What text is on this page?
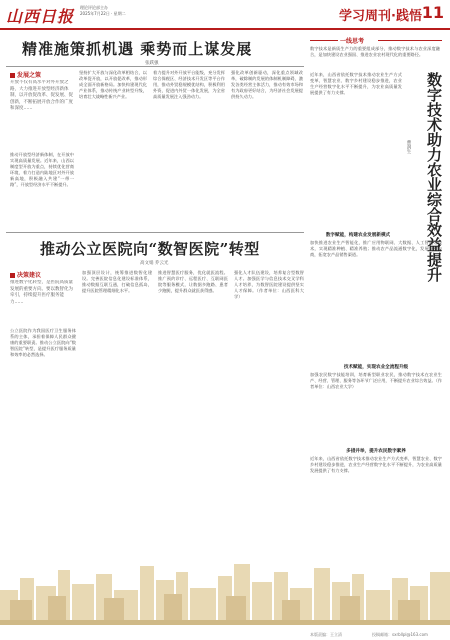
山西日报 理论评论部主办
2025年7月22日 · 星期二	学习周刊·践悟 11
精准施策抓机遇 乘势而上谋发展
张跃强
发展之策
开放不仅有高水平对外开放之路，大力推进开放型经济新体制，以开放促改革、促发展、促创新，不断拓展开放合作的广度和深度……
推动开放型经济新体制，在开放中实现高质量发展。近年来，山西以制度型开放为重点，持续优化营商环境，着力打造内陆地区对外开放新高地，积极融入共建“一带一路”，开放型经济水平不断提升。
坚持扩大开放与深化改革相结合，以改革促开放，以开放促改革，推动形成全面开放新格局。加快构建现代化产业体系，推动传统产业转型升级，培育壮大战略性新兴产业。
着力提升对外开放平台能级，充分发挥综合保税区、经济技术开发区等平台作用，推动外贸稳规模优结构，积极利用外资，促进内外贸一体化发展，为全省高质量发展注入强劲动力。
强化改革创新驱动，深化重点领域改革，破除制约发展的体制机制障碍，激发各类经营主体活力，推动有效市场和有为政府更好结合，为经济社会发展提供持久动力。
一线思考
数字技术是新质生产力的重要组成部分，推动数字技术与农业深度融合，是加快建设农业强国、推进农业农村现代化的重要路径。
数字技术助力农业综合效益提升
曹润生
数字赋能，构建农业发展新模式
近年来，山西省依托数字技术推动农业生产方式变革，智慧农业、数字乡村建设稳步推进，农业生产经营数字化水平不断提升，为农业高质量发展提供了有力支撑。
加快推进农业生产智能化，推广应用物联网、大数据、人工智能等技术，实现精准种植、精准养殖；推动农产品流通数字化，发展农村电商，拓宽农产品销售渠道。
技术赋能，实现农业全流程升级
多措并举，提升农民数字素养
加强农民数字技能培训，培育新型职业农民，推动数字技术在农业生产、经营、管理、服务等各环节广泛应用，不断提升农业综合效益。（作者单位：山西农业大学）
近年来，山西省依托数字技术推动农业生产方式变革，智慧农业、数字乡村建设稳步推进，农业生产经营数字化水平不断提升，为农业高质量发展提供了有力支撑。
推动公立医院向“数智医院”转型
高文娟 乔云光
决策建议
推进数字化转型，是医院高质量发展的重要方向。要以数智化为牵引，持续提升医疗服务能力……
公立医院作为我国医疗卫生服务体系的主体，承担着保障人民群众健康的重要职责。推动公立医院向“数智医院”转型，是提升医疗服务质量和效率的必然选择。
加强顶层设计，统筹推进数智化建设。完善医院信息化建设标准体系，推动数据互联互通，打破信息孤岛，提升医院管理精细化水平。
推进智慧医疗服务，优化就医流程。推广预约诊疗、远程医疗、互联网医院等服务模式，让数据多跑路、患者少跑腿，提升群众就医获得感。
强化人才队伍建设，培养复合型数智人才。加强医学与信息技术交叉学科人才培养，为数智医院建设提供坚实人才保障。（作者单位：山西医科大学）
本版责编：王立清	投稿邮箱：sxrbllpl@163.com
